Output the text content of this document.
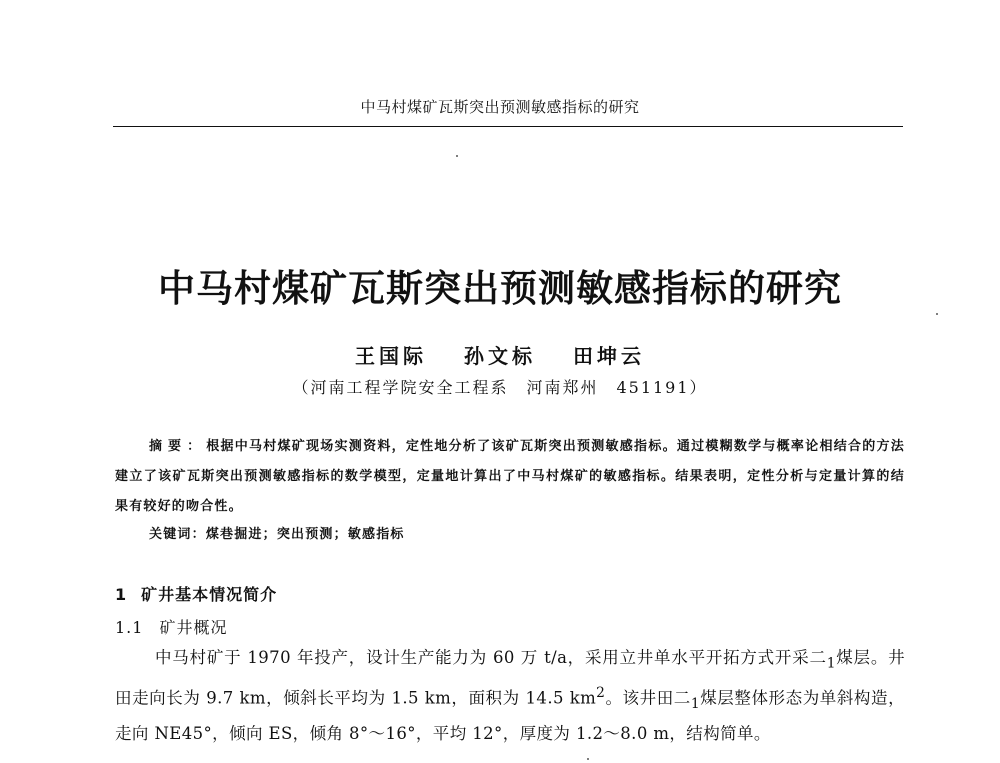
中马村煤矿瓦斯突出预测敏感指标的研究
中马村煤矿瓦斯突出预测敏感指标的研究
王国际 孙文标 田坤云
（河南工程学院安全工程系　河南郑州　451191）
摘要：根据中马村煤矿现场实测资料，定性地分析了该矿瓦斯突出预测敏感指标。通过模糊数学与概率论相结合的方法建立了该矿瓦斯突出预测敏感指标的数学模型，定量地计算出了中马村煤矿的敏感指标。结果表明，定性分析与定量计算的结果有较好的吻合性。
关键词：煤巷掘进；突出预测；敏感指标
1 矿井基本情况简介
1.1 矿井概况
中马村矿于 1970 年投产，设计生产能力为 60 万 t/a，采用立井单水平开拓方式开采二$_1$煤层。井田走向长为 9.7 km，倾斜长平均为 1.5 km，面积为 14.5 $km^2$。该井田二$_1$煤层整体形态为单斜构造，走向 NE45°，倾向 ES，倾角 8°～16°，平均 12°，厚度为 1.2～8.0 m，结构简单。
